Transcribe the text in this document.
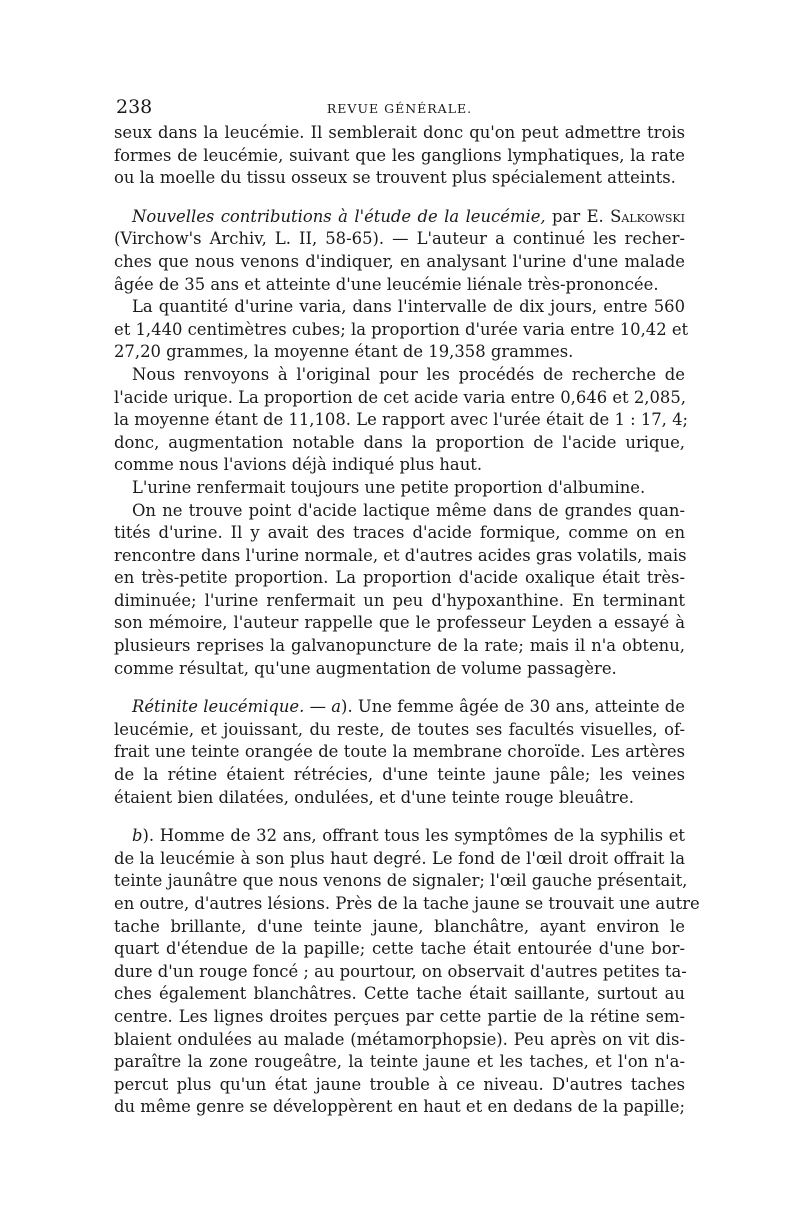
238	REVUE GÉNÉRALE.
seux dans la leucémie. Il semblerait donc qu'on peut admettre trois
formes de leucémie, suivant que les ganglions lymphatiques, la rate
ou la moelle du tissu osseux se trouvent plus spécialement atteints.
Nouvelles contributions à l'étude de la leucémie, par E. Salkowski
(Virchow's Archiv, L. II, 58-65). — L'auteur a continué les recher-
ches que nous venons d'indiquer, en analysant l'urine d'une malade
âgée de 35 ans et atteinte d'une leucémie liénale très-prononcée.
La quantité d'urine varia, dans l'intervalle de dix jours, entre 560
et 1,440 centimètres cubes; la proportion d'urée varia entre 10,42 et
27,20 grammes, la moyenne étant de 19,358 grammes.
Nous renvoyons à l'original pour les procédés de recherche de
l'acide urique. La proportion de cet acide varia entre 0,646 et 2,085,
la moyenne étant de 11,108. Le rapport avec l'urée était de 1 : 17, 4;
donc, augmentation notable dans la proportion de l'acide urique,
comme nous l'avions déjà indiqué plus haut.
L'urine renfermait toujours une petite proportion d'albumine.
On ne trouve point d'acide lactique même dans de grandes quan-
tités d'urine. Il y avait des traces d'acide formique, comme on en
rencontre dans l'urine normale, et d'autres acides gras volatils, mais
en très-petite proportion. La proportion d'acide oxalique était très-
diminuée; l'urine renfermait un peu d'hypoxanthine. En terminant
son mémoire, l'auteur rappelle que le professeur Leyden a essayé à
plusieurs reprises la galvanopuncture de la rate; mais il n'a obtenu,
comme résultat, qu'une augmentation de volume passagère.
Rétinite leucémique. — a). Une femme âgée de 30 ans, atteinte de
leucémie, et jouissant, du reste, de toutes ses facultés visuelles, of-
frait une teinte orangée de toute la membrane choroïde. Les artères
de la rétine étaient rétrécies, d'une teinte jaune pâle; les veines
étaient bien dilatées, ondulées, et d'une teinte rouge bleuâtre.
b). Homme de 32 ans, offrant tous les symptômes de la syphilis et
de la leucémie à son plus haut degré. Le fond de l'œil droit offrait la
teinte jaunâtre que nous venons de signaler; l'œil gauche présentait,
en outre, d'autres lésions. Près de la tache jaune se trouvait une autre
tache brillante, d'une teinte jaune, blanchâtre, ayant environ le
quart d'étendue de la papille; cette tache était entourée d'une bor-
dure d'un rouge foncé ; au pourtour, on observait d'autres petites ta-
ches également blanchâtres. Cette tache était saillante, surtout au
centre. Les lignes droites perçues par cette partie de la rétine sem-
blaient ondulées au malade (métamorphopsie). Peu après on vit dis-
paraître la zone rougeâtre, la teinte jaune et les taches, et l'on n'a-
percut plus qu'un état jaune trouble à ce niveau. D'autres taches
du même genre se développèrent en haut et en dedans de la papille;
